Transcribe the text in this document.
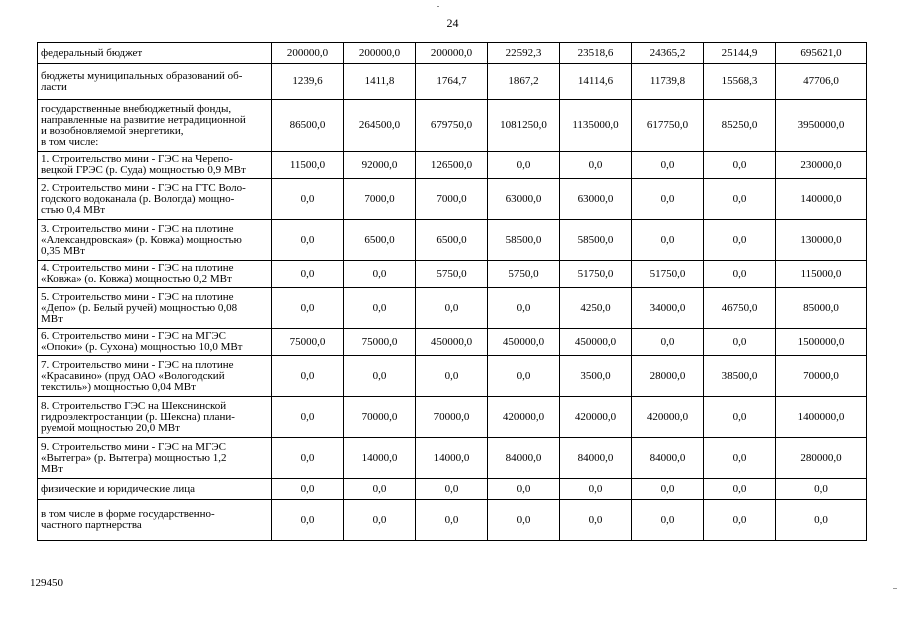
24
федеральный бюджет	200000,0	200000,0	200000,0	22592,3	23518,6	24365,2	25144,9	695621,0
бюджеты муниципальных образований об-
ласти	1239,6	1411,8	1764,7	1867,2	14114,6	11739,8	15568,3	47706,0
государственные внебюджетный фонды,
направленные на развитие нетрадиционной
и возобновляемой энергетики,
в том числе:	86500,0	264500,0	679750,0	1081250,0	1135000,0	617750,0	85250,0	3950000,0
1. Строительство мини - ГЭС на Черепо-
вецкой ГРЭС (р. Суда) мощностью 0,9 МВт	11500,0	92000,0	126500,0	0,0	0,0	0,0	0,0	230000,0
2. Строительство мини - ГЭС на ГТС Воло-
годского водоканала (р. Вологда) мощно-
стью 0,4 МВт	0,0	7000,0	7000,0	63000,0	63000,0	0,0	0,0	140000,0
3. Строительство мини - ГЭС на плотине
«Александровская» (р. Ковжа) мощностью
0,35 МВт	0,0	6500,0	6500,0	58500,0	58500,0	0,0	0,0	130000,0
4. Строительство мини - ГЭС на плотине
«Ковжа» (о. Ковжа) мощностью 0,2 МВт	0,0	0,0	5750,0	5750,0	51750,0	51750,0	0,0	115000,0
5. Строительство мини - ГЭС на плотине
«Депо» (р. Белый ручей) мощностью 0,08
МВт	0,0	0,0	0,0	0,0	4250,0	34000,0	46750,0	85000,0
6. Строительство мини - ГЭС на МГЭС
«Опоки» (р. Сухона) мощностью 10,0 МВт	75000,0	75000,0	450000,0	450000,0	450000,0	0,0	0,0	1500000,0
7. Строительство мини - ГЭС на плотине
«Красавино» (пруд ОАО «Вологодский
текстиль») мощностью 0,04 МВт	0,0	0,0	0,0	0,0	3500,0	28000,0	38500,0	70000,0
8. Строительство ГЭС на Шекснинской
гидроэлектростанции (р. Шексна) плани-
руемой мощностью 20,0 МВт	0,0	70000,0	70000,0	420000,0	420000,0	420000,0	0,0	1400000,0
9. Строительство мини - ГЭС на МГЭС
«Вытегра» (р. Вытегра) мощностью 1,2
МВт	0,0	14000,0	14000,0	84000,0	84000,0	84000,0	0,0	280000,0
физические и юридические лица	0,0	0,0	0,0	0,0	0,0	0,0	0,0	0,0
в том числе в форме государственно-
частного партнерства	0,0	0,0	0,0	0,0	0,0	0,0	0,0	0,0
129450
